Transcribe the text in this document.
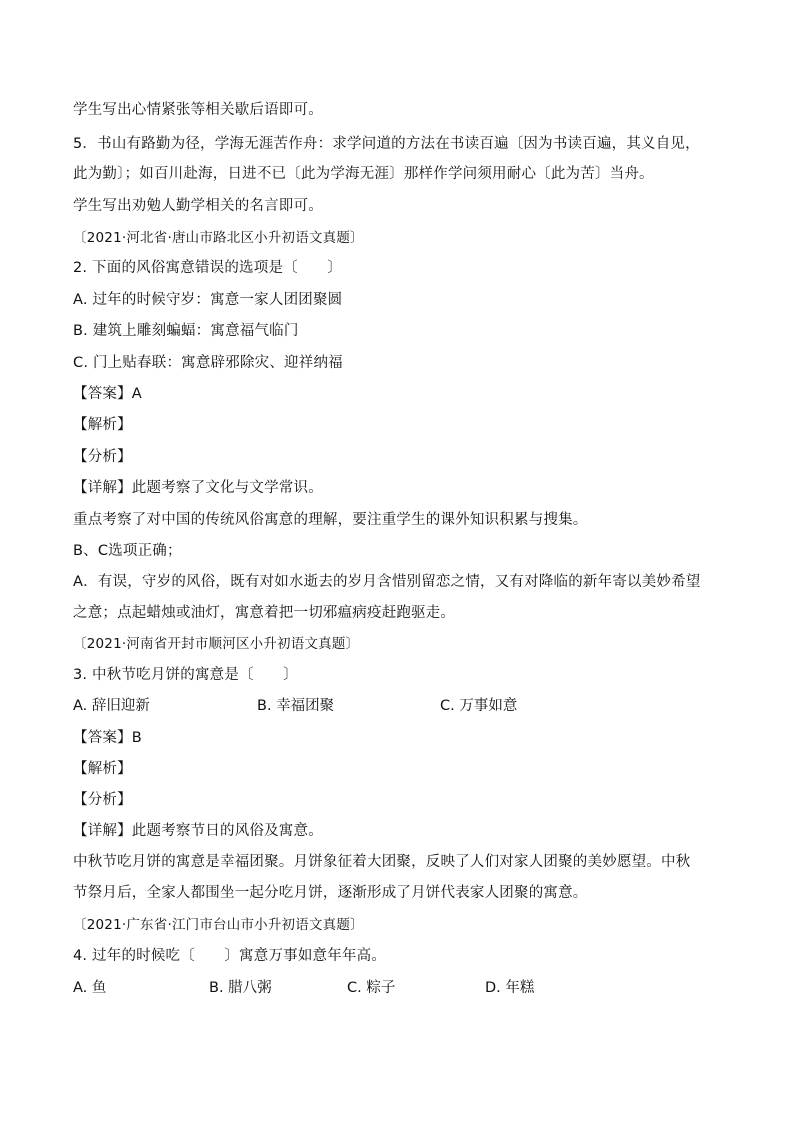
学生写出心情紧张等相关歇后语即可。
5．书山有路勤为径，学海无涯苦作舟：求学问道的方法在书读百遍〔因为书读百遍，其义自见，
此为勤〕；如百川赴海，日进不已〔此为学海无涯〕那样作学问须用耐心〔此为苦〕当舟。
学生写出劝勉人勤学相关的名言即可。
〔2021·河北省·唐山市路北区小升初语文真题〕
2. 下面的风俗寓意错误的选项是〔　　〕
A. 过年的时候守岁：寓意一家人团团聚圆
B. 建筑上雕刻蝙蝠：寓意福气临门
C. 门上贴春联：寓意辟邪除灾、迎祥纳福
【答案】A
【解析】
【分析】
【详解】此题考察了文化与文学常识。
重点考察了对中国的传统风俗寓意的理解，要注重学生的课外知识积累与搜集。
B、C选项正确；
A．有误，守岁的风俗，既有对如水逝去的岁月含惜别留恋之情，又有对降临的新年寄以美妙希望
之意；点起蜡烛或油灯，寓意着把一切邪瘟病疫赶跑驱走。
〔2021·河南省开封市顺河区小升初语文真题〕
3. 中秋节吃月饼的寓意是〔　　〕
A. 辞旧迎新	B. 幸福团聚	C. 万事如意
【答案】B
【解析】
【分析】
【详解】此题考察节日的风俗及寓意。
中秋节吃月饼的寓意是幸福团聚。月饼象征着大团聚，反映了人们对家人团聚的美妙愿望。中秋
节祭月后，全家人都围坐一起分吃月饼，逐渐形成了月饼代表家人团聚的寓意。
〔2021·广东省·江门市台山市小升初语文真题〕
4. 过年的时候吃〔　　〕寓意万事如意年年高。
A. 鱼	B. 腊八粥	C. 粽子	D. 年糕
